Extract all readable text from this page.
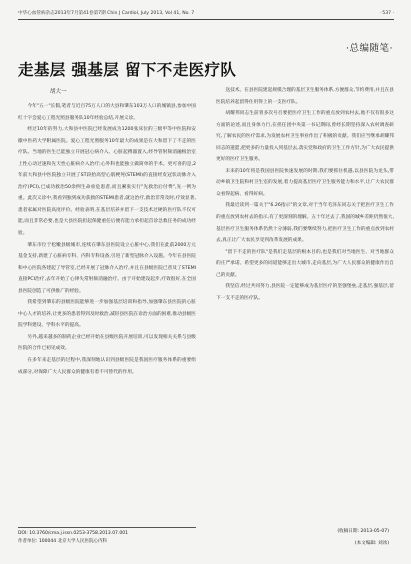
中华心血管病杂志2013年7月第41卷第7期 Chin J Cardiol, July 2013, Vol 41, No. 7	· 537 ·
·总编随笔·
走基层 强基层 留下不走医疗队
胡大一

今年"五一"长假,笔者与近百75万人口的大县和肇东103万人口的城镇县,参加中国红十字会爱心工程光照县服务队10年经验总结,开展义诊。

经过10年的努力,大和县中医院已经发展成为1200张床位的三级甲等中医院和安徽中医药大学附属医院。爱心工程光照服务10年最大的成果是在大和留下了不走的医疗队。当地的医生已能独立开展冠心病介入、心脏起搏器置入,经导管射频消融根治室上性心动过速和先天性心脏病介入治疗;心外科也能独立做简单的手术。更可喜的是,2年前大和县中医院独立开展了ST段抬高型心肌梗死(STEMI)的直接经皮冠状动脉介入治疗(PCI),已成功救治50余例生命垂危患者,而且紧张实行"先救治后付费",先一例为重。此次义诊中,我看到独到成功获救的STEMI患者,就这治疗,救治非常及时,疗效显著,患者家属对医院高度评价。经验表明,在基层培养并留下一支技术过硬的医疗队不仅可能,而且非常必要,也是大县医院担起保健重任后便有能力承担起首诊急救任务的成功经验。

肇东市位于松嫩县级城市,连续在肇东县医院设立心脏中心,我们在此前2000万元基金支持,新建了心脏病专科、内科专科设备,引进了新型冠脉介入设施。今年在县医院和中心医院各建起了导管室,已经开展了冠脉介入治疗,并且在县级医院已普及了STEMI直接PCI治疗,去年开始了心律失常射频消融治疗。由于开始建设起步,疗效很好,在全国县医院创造了可供推广的经验。

我希望到肇东的县级医院能够进一步加强基层培训和指导,加强肇东县医院的心脏中心人才的培养,让更多的患者得到及时救治,减轻县医院在诊治方面的困难,推动县级医院学科建设、学科水平的提高。

另外,越来越多的制药企业已经开始在县级医院开展培训,可以发现相关关系与县级医院的合作已初见成效。

在多年来走基层的过程中,我深刻地认识到县级医院是我国医疗服务体系的重要组成部分,对保障广大人民群众的健康有着不可替代的作用。

送技术。在县医院建起规模合理的基层卫生服务体系,方便群众,节约费用,并且在县医院培养起留得住用得上的一支医疗队。

胡耀邦同志生前曾多次号召要把医疗卫生工作的重点放到农村去,他不仅有很多这方面的论述,而且身体力行,在担任团中央第一书记期间,曾经长期坚持深入农村调查研究,了解农民的医疗需求,为发展农村卫生事业作出了积极的贡献。我们应当继承胡耀邦同志的遗愿,把更多的力量投入到基层去,落实党和政府的卫生工作方针,为广大农民提供更好的医疗卫生服务。

未来的10年将是我国县医院快速发展的时期,我们要抓住机遇,以县医院为龙头,带动乡镇卫生院和村卫生室的发展,着力提高基层医疗卫生服务能力和水平,让广大农民群众看得起病、看得好病。

我最近读到一篇关于"6.26指示"的文章,对于当年毛泽东同志关于把医疗卫生工作的重点放到农村去的指示,有了更深刻的理解。五十年过去了,我国的城乡差距仍然很大,基层医疗卫生服务体系仍然十分薄弱,我们要继续努力,把医疗卫生工作的重点放到农村去,真正让广大农民享受到改革发展的成果。

"留下不走的医疗队"是我们走基层的根本目的,也是我们对当地医生、对当地群众的庄严承诺。希望更多的同道能够走出大城市,走向基层,为广大人民群众的健康作出自己的贡献。

我坚信,经过共同努力,县医院一定能够成为基层医疗的坚强堡垒,走基层,强基层,留下一支不走的医疗队。

DOI: 10.3760/cma.j.issn.0253-3758.2013.07.001
作者单位: 100044 北京大学人民医院心内科
(收稿日期: 2013-05-07)
(本文编辑: 刘冰)
